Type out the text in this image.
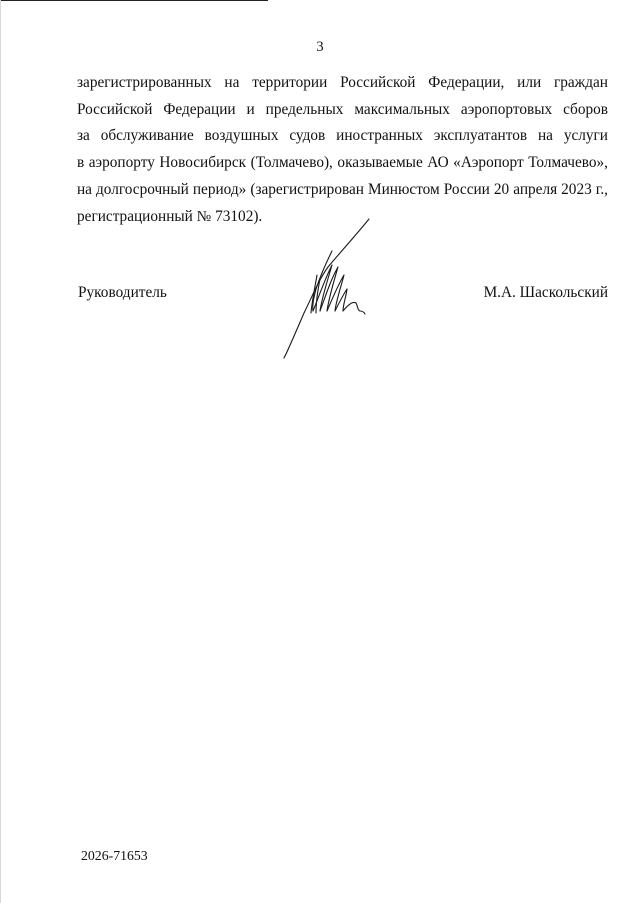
3
зарегистрированных на территории Российской Федерации, или граждан
Российской Федерации и предельных максимальных аэропортовых сборов
за обслуживание воздушных судов иностранных эксплуатантов на услуги
в аэропорту Новосибирск (Толмачево), оказываемые АО «Аэропорт Толмачево»,
на долгосрочный период» (зарегистрирован Минюстом России 20 апреля 2023 г.,
регистрационный № 73102).
Руководитель	М.А. Шаскольский
2026-71653
